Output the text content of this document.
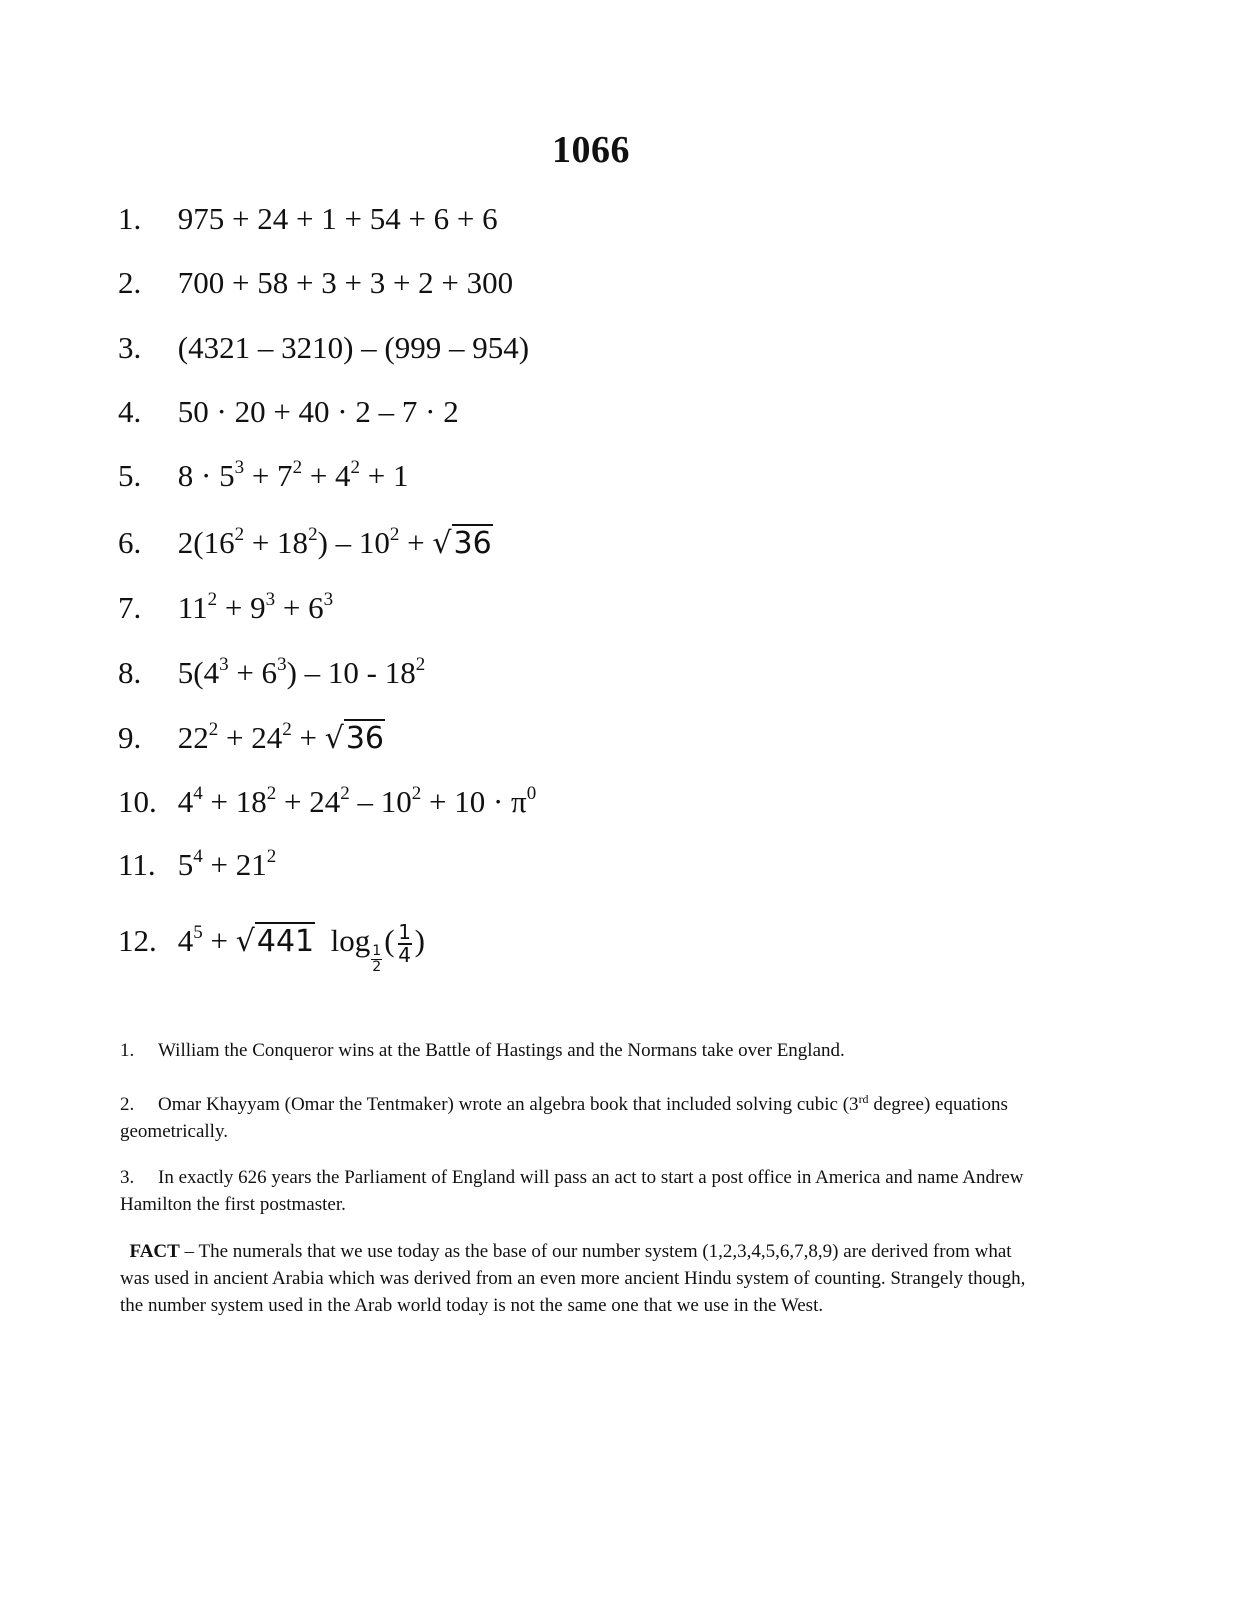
1066
1. 975 + 24 + 1 + 54 + 6 + 6
2. 700 + 58 + 3 + 3 + 2 + 300
3. (4321 – 3210) – (999 – 954)
4. 50 · 20 + 40 · 2 – 7 · 2
5. $8 \cdot 5^3 + 7^2 + 4^2 + 1$
6. $2(16^2 + 18^2) - 10^2 + √36$
7. $11^2 + 9^3 + 6^3$
8. $5(4^3 + 6^3) - 10 - 18^2$
9. $22^2 + 24^2 + √36$
10. $4^4 + 18^2 + 24^2 - 10^2 + 10 \cdot \pi^0$
11. $5^4 + 21^2$
12. $4^5 + √441$ $\log \frac{1}{2}$ ( $\frac{1}{4}$ )
1. William the Conqueror wins at the Battle of Hastings and the Normans take over England.
2. Omar Khayyam (Omar the Tentmaker) wrote an algebra book that included solving cubic (3rd degree) equations geometrically.
3. In exactly 626 years the Parliament of England will pass an act to start a post office in America and name Andrew Hamilton the first postmaster.
FACT – The numerals that we use today as the base of our number system (1,2,3,4,5,6,7,8,9) are derived from what was used in ancient Arabia which was derived from an even more ancient Hindu system of counting. Strangely though, the number system used in the Arab world today is not the same one that we use in the West.
